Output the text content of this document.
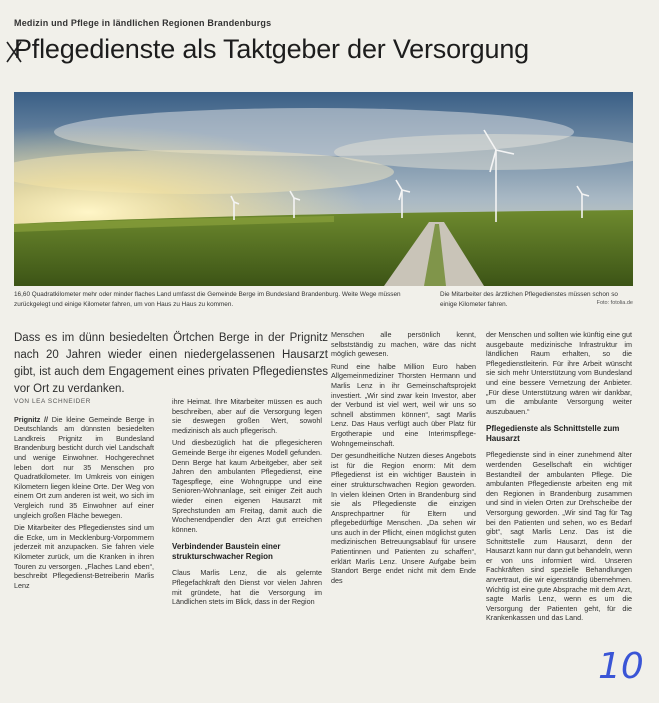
Medizin und Pflege in ländlichen Regionen Brandenburgs
Pflegedienste als Taktgeber der Versorgung
16,60 Quadratkilometer mehr oder minder flaches Land umfasst die Gemeinde Berge im Bundesland Brandenburg. Weite Wege müssen zurückgelegt und einige Kilometer fahren, um von Haus zu Haus zu kommen.
Die Mitarbeiter des ärztlichen Pflegedienstes müssen schon so einige Kilometer fahren.	Foto: fotolia.de
Dass es im dünn besiedelten Örtchen Berge in der Prignitz nach 20 Jahren wieder einen niedergelassenen Hausarzt gibt, ist auch dem Engagement eines privaten Pflegedienstes vor Ort zu verdanken.
VON LEA SCHNEIDER

Prignitz // Die kleine Gemeinde Berge in Deutschlands am dünnsten besiedelten Landkreis Prignitz im Bundesland Brandenburg besticht durch viel Landschaft und wenige Einwohner. Hochgerechnet leben dort nur 35 Menschen pro Quadratkilometer. Im Umkreis von einigen Kilometern liegen kleine Orte. Der Weg von einem Ort zum anderen ist weit, wo sich im Vergleich rund 35 Einwohner auf einer ungleich großen Fläche bewegen.

Die Mitarbeiter des Pflegedienstes sind um die Ecke, um in Mecklenburg-Vorpommern jederzeit mit anzupacken. Sie fahren viele Kilometer zurück, um die Kranken in ihren Touren zu versorgen. „Flaches Land eben“, beschreibt Pflegedienst-Betreiberin Marlis Lenz

ihre Heimat. Ihre Mitarbeiter müssen es auch beschreiben, aber auf die Versorgung legen sie deswegen großen Wert, sowohl medizinisch als auch pflegerisch.

Und diesbezüglich hat die pflegesicheren Gemeinde Berge ihr eigenes Modell gefunden. Denn Berge hat kaum Arbeitgeber, aber seit Jahren den ambulanten Pflegedienst, eine Tagespflege, eine Wohngruppe und eine Senioren-Wohnanlage, seit einiger Zeit auch wieder einen eigenen Hausarzt mit Sprechstunden am Freitag, damit auch die Wochenendpendler den Arzt gut erreichen können.

Verbindender Baustein einer strukturschwacher Region

Claus Marlis Lenz, die als gelernte Pflegefachkraft den Dienst vor vielen Jahren mit gründete, hat die Versorgung im Ländlichen stets im Blick, dass in der Region

Menschen alle persönlich kennt, selbstständig zu machen, wäre das nicht möglich gewesen.

Rund eine halbe Million Euro haben Allgemeinmediziner Thorsten Hermann und Marlis Lenz in ihr Gemeinschaftsprojekt investiert. „Wir sind zwar kein Investor, aber der Verbund ist viel wert, weil wir uns so schnell abstimmen können“, sagt Marlis Lenz. Das Haus verfügt auch über Platz für Ergotherapie und eine Interimspflege-Wohngemeinschaft.

Der gesundheitliche Nutzen dieses Angebots ist für die Region enorm: Mit dem Pflegedienst ist ein wichtiger Baustein in einer strukturschwachen Region geworden. In vielen kleinen Orten in Brandenburg sind sie als Pflegedienste die einzigen Ansprechpartner für Eltern und pflegebedürftige Menschen. „Da sehen wir uns auch in der Pflicht, einen möglichst guten medizinischen Betreuungsablauf für unsere Patientinnen und Patienten zu schaffen“, erklärt Marlis Lenz. Unsere Aufgabe beim Standort Berge endet nicht mit dem Ende des

der Menschen und sollten wie künftig eine gut ausgebaute medizinische Infrastruktur im ländlichen Raum erhalten, so die Pflegedienstleiterin. Für ihre Arbeit wünscht sie sich mehr Unterstützung vom Bundesland und eine bessere Vernetzung der Anbieter. „Für diese Unterstützung wären wir dankbar, um die ambulante Versorgung weiter auszubauen.“

Pflegedienste als Schnittstelle zum Hausarzt

Pflegedienste sind in einer zunehmend älter werdenden Gesellschaft ein wichtiger Bestandteil der ambulanten Pflege. Die ambulanten Pflegedienste arbeiten eng mit den Regionen in Brandenburg zusammen und sind in vielen Orten zur Drehscheibe der Versorgung geworden. „Wir sind Tag für Tag bei den Patienten und sehen, wo es Bedarf gibt“, sagt Marlis Lenz. Das ist die Schnittstelle zum Hausarzt, denn der Hausarzt kann nur dann gut behandeln, wenn er von uns informiert wird. Unseren Fachkräften sind spezielle Behandlungen anvertraut, die wir eigenständig übernehmen. Wichtig ist eine gute Absprache mit dem Arzt, sagte Marlis Lenz, wenn es um die Versorgung der Patienten geht, für die Krankenkassen und das Land.

10
